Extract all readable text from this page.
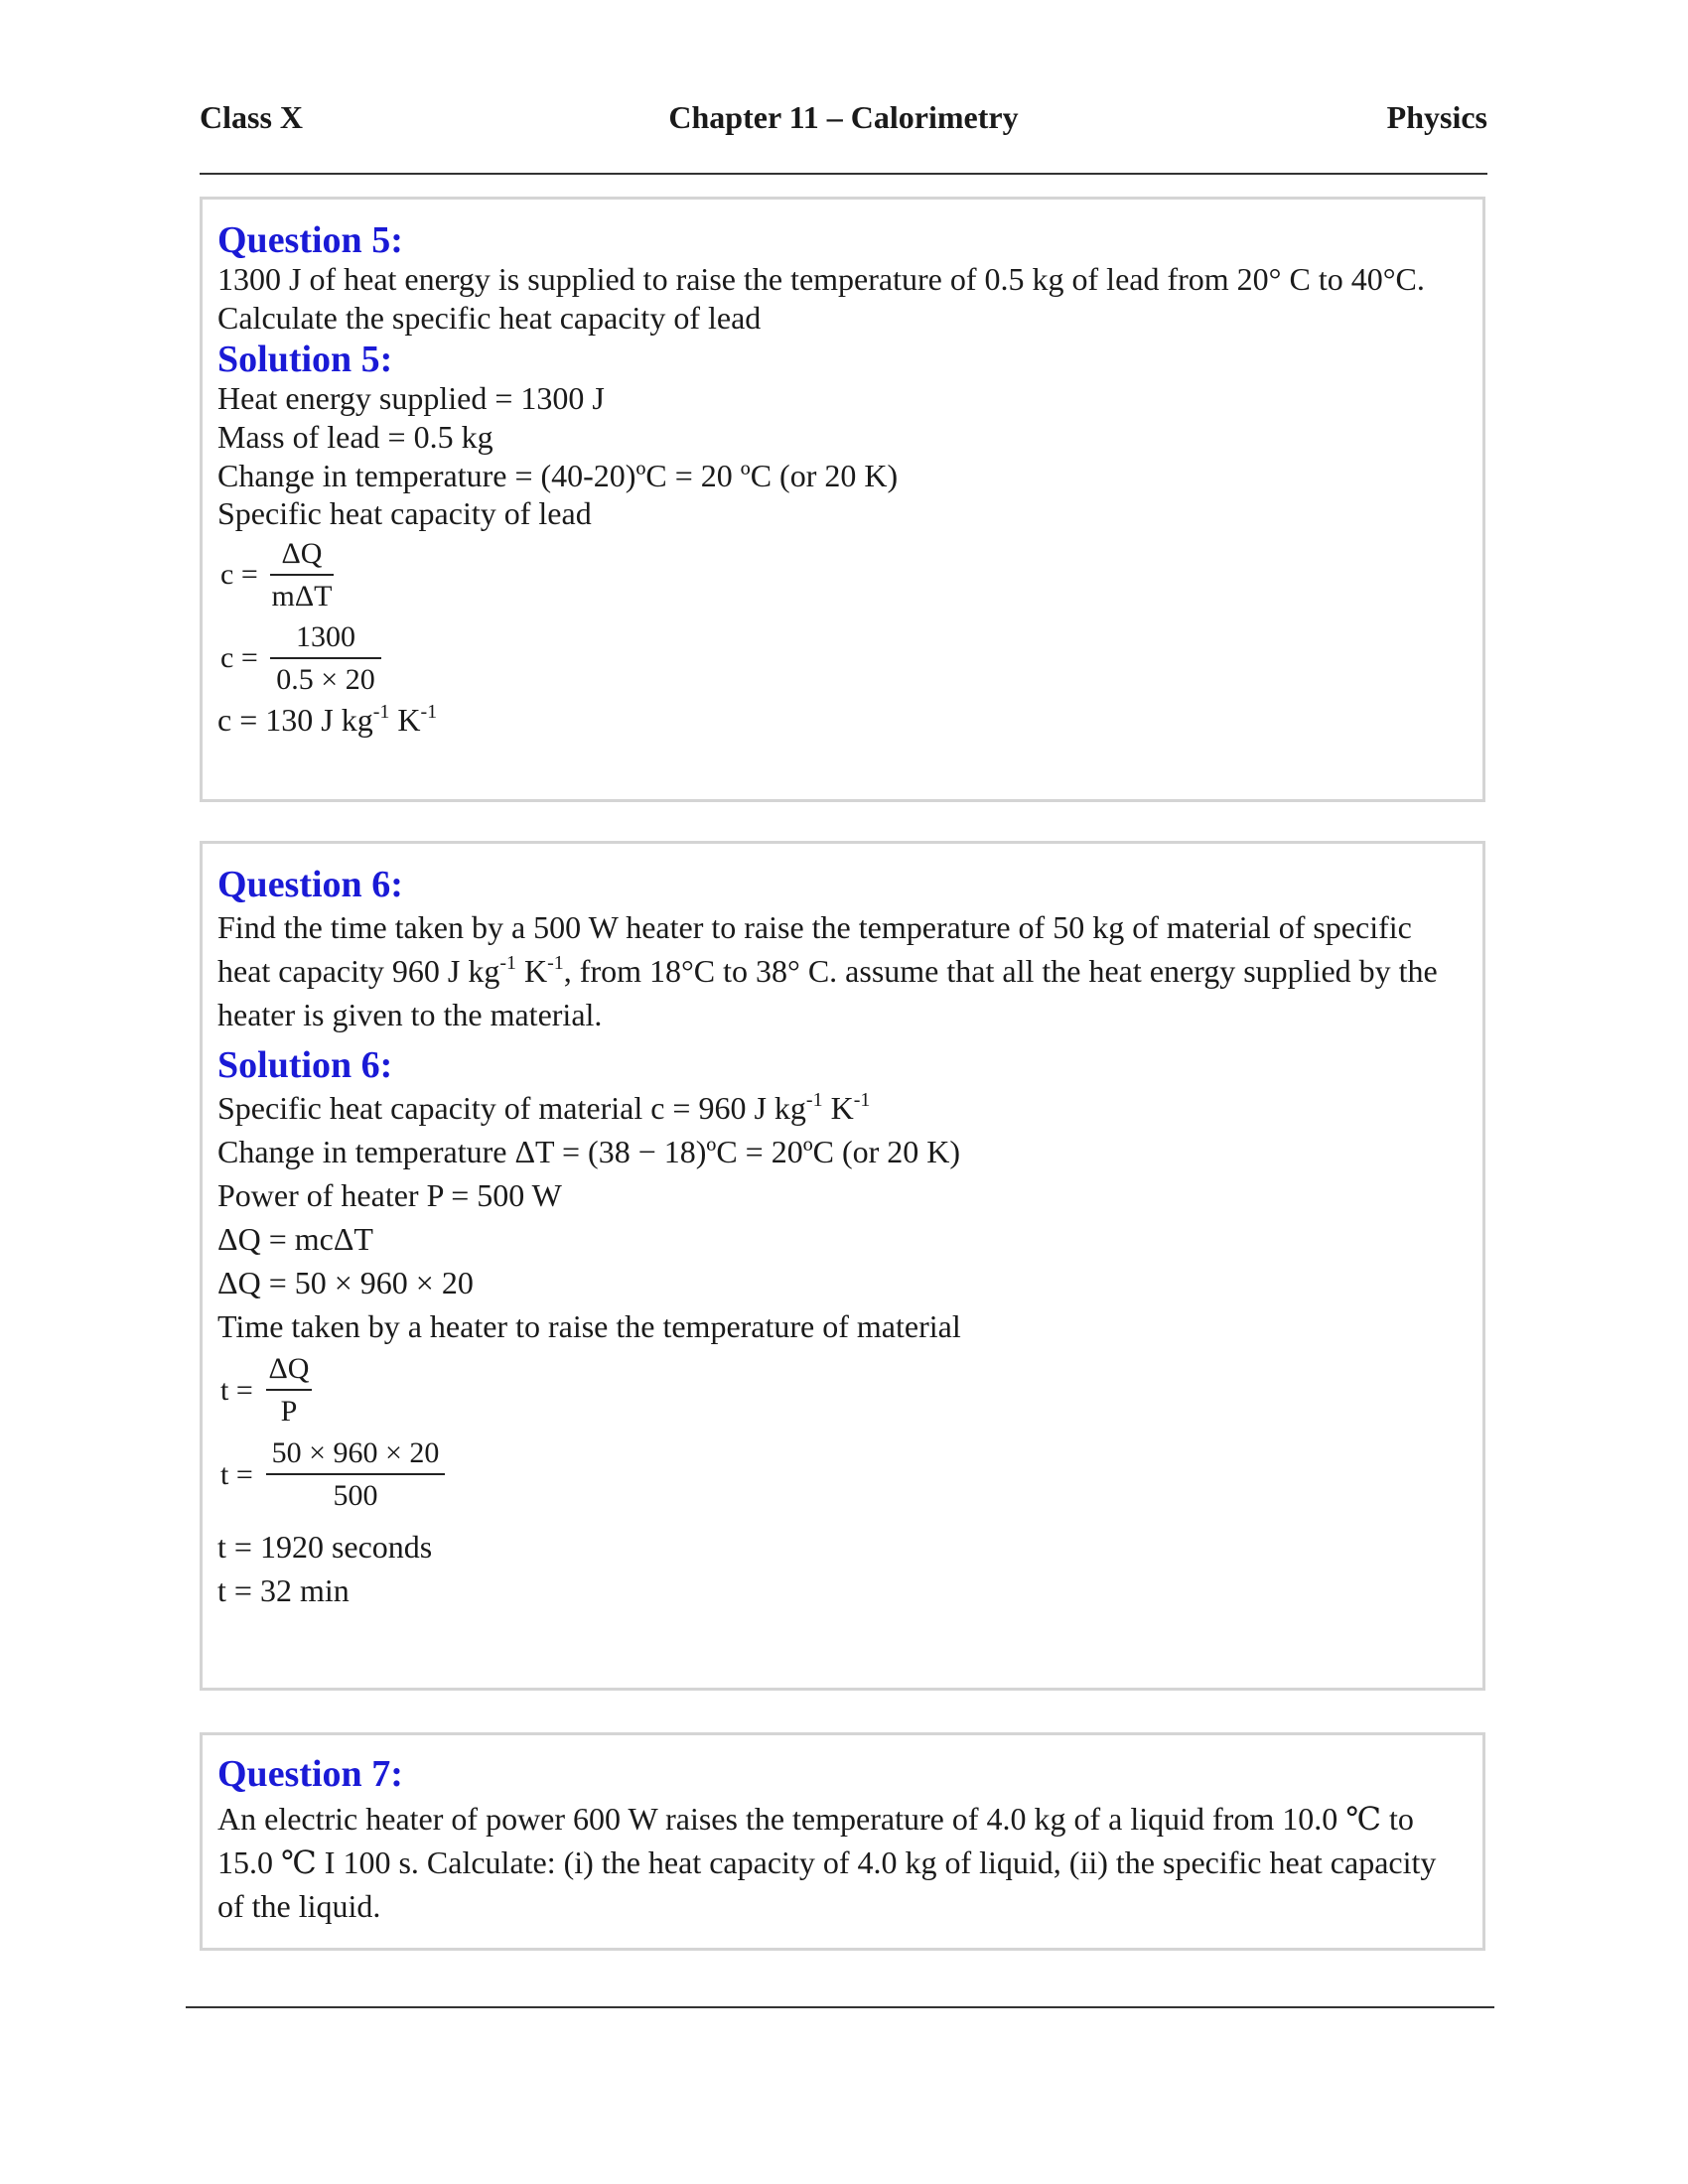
Class X	Chapter 11 – Calorimetry	Physics
Question 5:
1300 J of heat energy is supplied to raise the temperature of 0.5 kg of lead from 20° C to 40°C.
Calculate the specific heat capacity of lead
Solution 5:
Heat energy supplied = 1300 J
Mass of lead = 0.5 kg
Change in temperature = (40-20)ºC = 20 ºC (or 20 K)
Specific heat capacity of lead
c =
ΔQ
mΔT
c =
1300
0.5 × 20
c = 130 J $kg^{-1}$ $K^{-1}$
Question 6:
Find the time taken by a 500 W heater to raise the temperature of 50 kg of material of specific
heat capacity 960 J $kg^{-1}$ $K^{-1}$, from 18°C to 38° C. assume that all the heat energy supplied by the
heater is given to the material.
Solution 6:
Specific heat capacity of material c = 960 J $kg^{-1}$ $K^{-1}$
Change in temperature ΔT = (38 − 18)ºC = 20ºC (or 20 K)
Power of heater P = 500 W
ΔQ = mcΔT
ΔQ = 50 × 960 × 20
Time taken by a heater to raise the temperature of material
t =
ΔQ
P
t =
50 × 960 × 20
500
t = 1920 seconds
t = 32 min
Question 7:
An electric heater of power 600 W raises the temperature of 4.0 kg of a liquid from 10.0 ℃ to
15.0 ℃ I 100 s. Calculate: (i) the heat capacity of 4.0 kg of liquid, (ii) the specific heat capacity
of the liquid.
